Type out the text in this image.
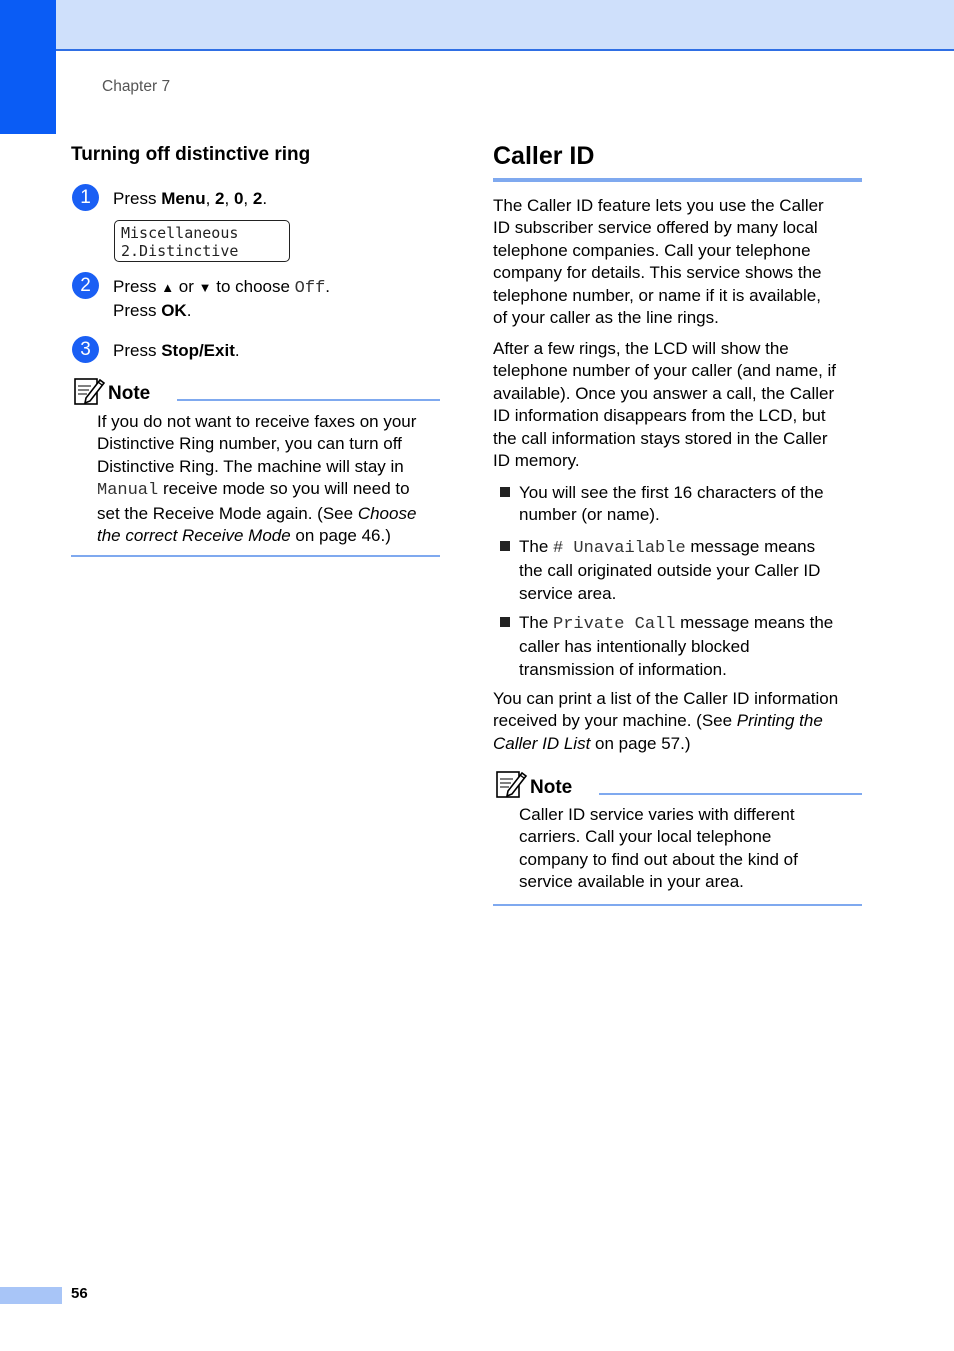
Chapter 7
Turning off distinctive ring
1	Press Menu, 2, 0, 2.
Miscellaneous
2.Distinctive
2	Press ▲ or ▼ to choose Off.
Press OK.
3	Press Stop/Exit.
Note
If you do not want to receive faxes on your
Distinctive Ring number, you can turn off
Distinctive Ring. The machine will stay in
Manual receive mode so you will need to
set the Receive Mode again. (See Choose
the correct Receive Mode on page 46.)
Caller ID
The Caller ID feature lets you use the Caller
ID subscriber service offered by many local
telephone companies. Call your telephone
company for details. This service shows the
telephone number, or name if it is available,
of your caller as the line rings.
After a few rings, the LCD will show the
telephone number of your caller (and name, if
available). Once you answer a call, the Caller
ID information disappears from the LCD, but
the call information stays stored in the Caller
ID memory.
You will see the first 16 characters of the
number (or name).
The # Unavailable message means
the call originated outside your Caller ID
service area.
The Private Call message means the
caller has intentionally blocked
transmission of information.
You can print a list of the Caller ID information
received by your machine. (See Printing the
Caller ID List on page 57.)
Note
Caller ID service varies with different
carriers. Call your local telephone
company to find out about the kind of
service available in your area.
56
